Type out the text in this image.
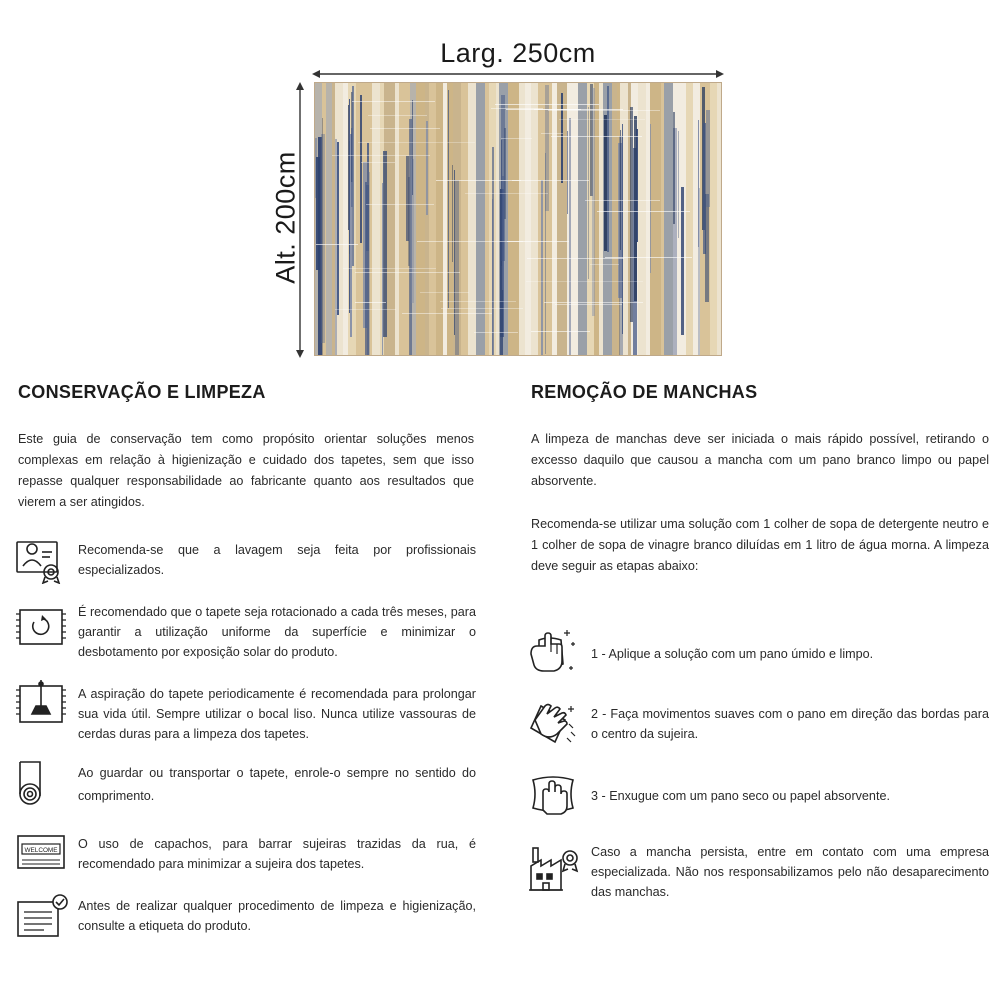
Larg. 250cm
Alt. 200cm
CONSERVAÇÃO E LIMPEZA
Este guia de conservação tem como propósito orientar soluções menos complexas em relação à higienização e cuidado dos tapetes, sem que isso repasse qualquer responsabilidade ao fabricante quanto aos resultados que vierem a ser atingidos.
Recomenda-se que a lavagem seja feita por profissionais especializados.
É recomendado que o tapete seja rotacionado a cada três meses, para garantir a utilização uniforme da superfície e minimizar o desbotamento por exposição solar do produto.
A aspiração do tapete periodicamente é recomendada para prolongar sua vida útil. Sempre utilizar o bocal liso. Nunca utilize vassouras de cerdas duras para a limpeza dos tapetes.
Ao guardar ou transportar o tapete, enrole-o sempre no sentido do comprimento.
WELCOME O uso de capachos, para barrar sujeiras trazidas da rua, é recomendado para minimizar a sujeira dos tapetes.
Antes de realizar qualquer procedimento de limpeza e higienização, consulte a etiqueta do produto.
REMOÇÃO DE MANCHAS
A limpeza de manchas deve ser iniciada o mais rápido possível, retirando o excesso daquilo que causou a mancha com um pano branco limpo ou papel absorvente.
Recomenda-se utilizar uma solução com 1 colher de sopa de detergente neutro e 1 colher de sopa de vinagre branco diluídas em 1 litro de água morna. A limpeza deve seguir as etapas abaixo:
1 - Aplique a solução com um pano úmido e limpo.
2 - Faça movimentos suaves com o pano em direção das bordas para o centro da sujeira.
3 - Enxugue com um pano seco ou papel absorvente.
Caso a mancha persista, entre em contato com uma empresa especializada. Não nos responsabilizamos pelo não desaparecimento das manchas.
